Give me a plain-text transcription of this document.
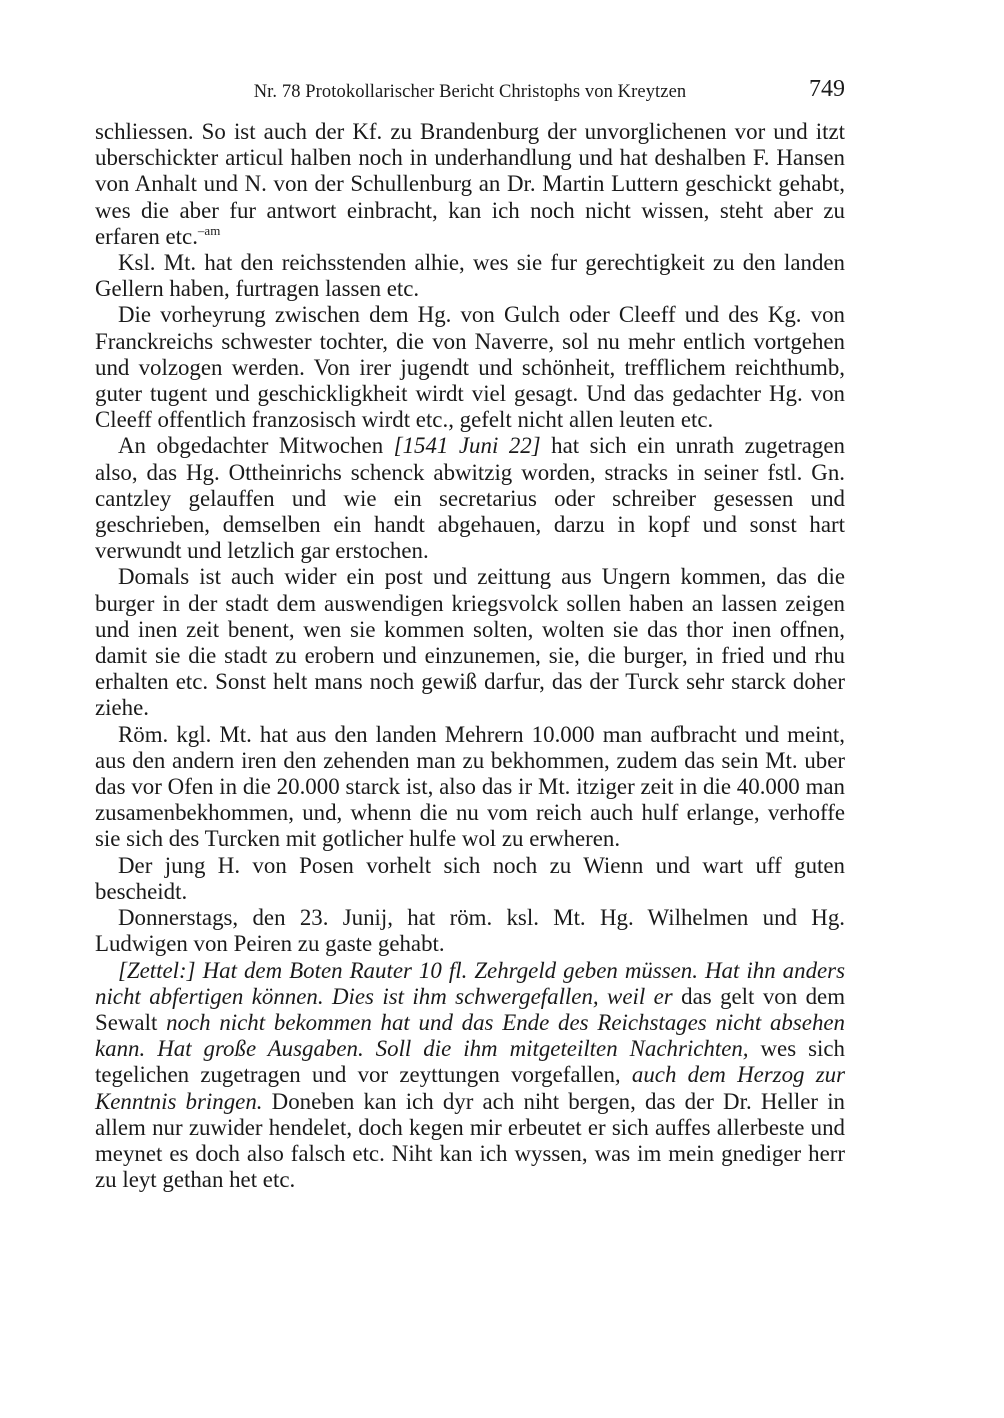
Nr. 78 Protokollarischer Bericht Christophs von Kreytzen	749

schliessen. So ist auch der Kf. zu Brandenburg der unvorglichenen vor und itzt uberschickter articul halben noch in underhandlung und hat deshalben F. Hansen von Anhalt und N. von der Schullenburg an Dr. Martin Luttern geschickt gehabt, wes die aber fur antwort einbracht, kan ich noch nicht wissen, steht aber zu erfaren etc.$^{-am}$

Ksl. Mt. hat den reichsstenden alhie, wes sie fur gerechtigkeit zu den landen Gellern haben, furtragen lassen etc.

Die vorheyrung zwischen dem Hg. von Gulch oder Cleeff und des Kg. von Franckreichs schwester tochter, die von Naverre, sol nu mehr entlich vortgehen und volzogen werden. Von irer jugendt und schönheit, trefflichem reichthumb, guter tugent und geschickligkheit wirdt viel gesagt. Und das gedachter Hg. von Cleeff offentlich franzosisch wirdt etc., gefelt nicht allen leuten etc.

An obgedachter Mitwochen [1541 Juni 22] hat sich ein unrath zugetragen also, das Hg. Ottheinrichs schenck abwitzig worden, stracks in seiner fstl. Gn. cantzley gelauffen und wie ein secretarius oder schreiber gesessen und geschrieben, demselben ein handt abgehauen, darzu in kopf und sonst hart verwundt und letzlich gar erstochen.

Domals ist auch wider ein post und zeittung aus Ungern kommen, das die burger in der stadt dem auswendigen kriegsvolck sollen haben an lassen zeigen und inen zeit benent, wen sie kommen solten, wolten sie das thor inen offnen, damit sie die stadt zu erobern und einzunemen, sie, die burger, in fried und rhu erhalten etc. Sonst helt mans noch gewiß darfur, das der Turck sehr starck doher ziehe.

Röm. kgl. Mt. hat aus den landen Mehrern 10.000 man aufbracht und meint, aus den andern iren den zehenden man zu bekhommen, zudem das sein Mt. uber das vor Ofen in die 20.000 starck ist, also das ir Mt. itziger zeit in die 40.000 man zusamenbekhommen, und, whenn die nu vom reich auch hulf erlange, verhoffe sie sich des Turcken mit gotlicher hulfe wol zu erwheren.

Der jung H. von Posen vorhelt sich noch zu Wienn und wart uff guten bescheidt.

Donnerstags, den 23. Junij, hat röm. ksl. Mt. Hg. Wilhelmen und Hg. Ludwigen von Peiren zu gaste gehabt.

[Zettel:] Hat dem Boten Rauter 10 fl. Zehrgeld geben müssen. Hat ihn anders nicht abfertigen können. Dies ist ihm schwergefallen, weil er das gelt von dem Sewalt noch nicht bekommen hat und das Ende des Reichstages nicht absehen kann. Hat große Ausgaben. Soll die ihm mitgeteilten Nachrichten, wes sich tegelichen zugetragen und vor zeyttungen vorgefallen, auch dem Herzog zur Kenntnis bringen. Doneben kan ich dyr ach niht bergen, das der Dr. Heller in allem nur zuwider hendelet, doch kegen mir erbeutet er sich auffes allerbeste und meynet es doch also falsch etc. Niht kan ich wyssen, was im mein gnediger herr zu leyt gethan het etc.
